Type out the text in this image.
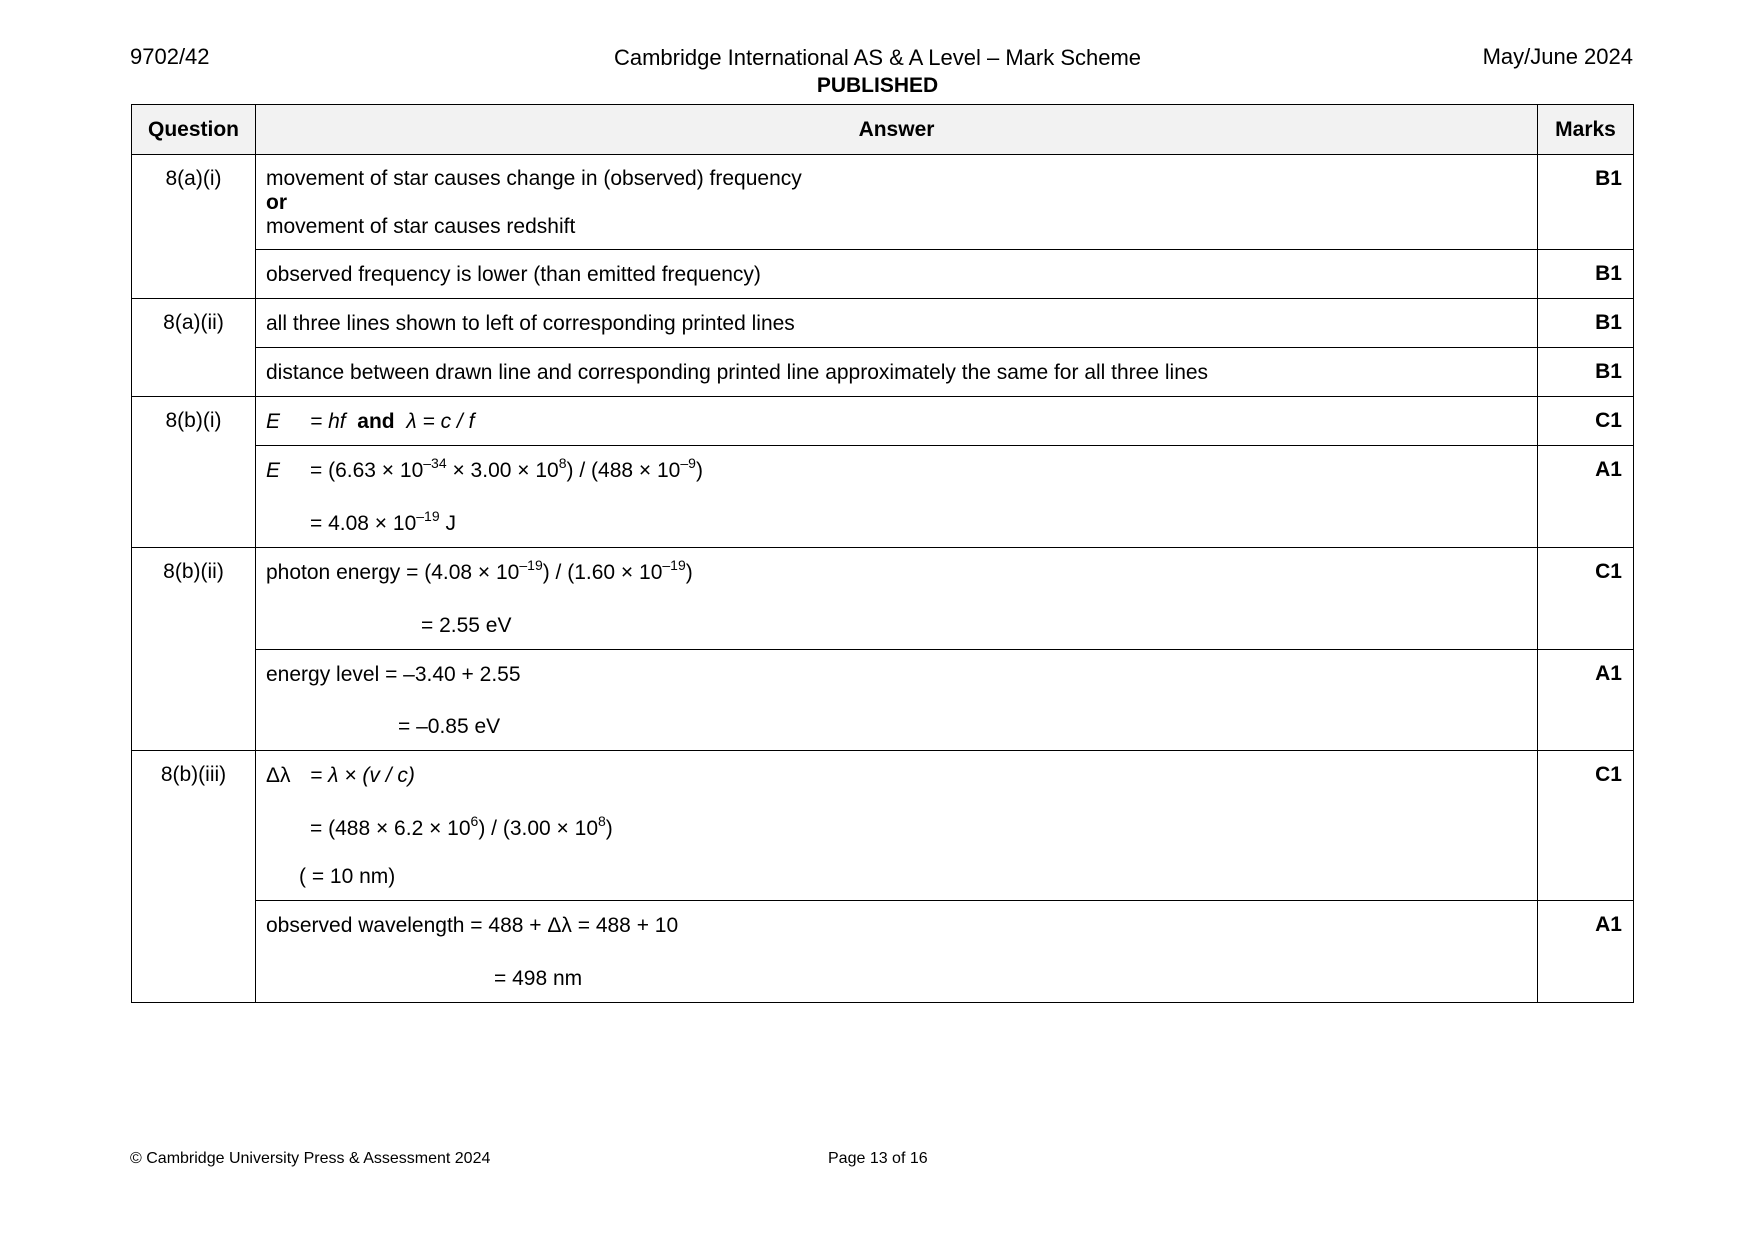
9702/42	Cambridge International AS & A Level – Mark Scheme
PUBLISHED
May/June 2024
Question	Answer	Marks
8(a)(i)	movement of star causes change in (observed) frequency
or
movement of star causes redshift	B1

	observed frequency is lower (than emitted frequency)	B1
8(a)(ii)	all three lines shown to left of corresponding printed lines	B1

	distance between drawn line and corresponding printed line approximately the same for all three lines	B1
8(b)(i)	E = hf and λ = c / f	C1

	$E = (6.63 \times 10^{-34} \times 3.00 \times 10^8) / (488 \times 10^{-9})$
= $4.08 \times 10^{-19}$ J	A1
8(b)(ii)	photon energy = $(4.08 \times 10^{-19}) / (1.60 \times 10^{-19})$
= 2.55 eV	C1

	energy level = –3.40 + 2.55
= –0.85 eV	A1
8(b)(iii)	Δλ = λ × (v / c)
= $(488 \times 6.2 \times 10^6) / (3.00 \times 10^8)$
( = 10 nm)	C1

	observed wavelength = 488 + Δλ = 488 + 10
= 498 nm	A1
© Cambridge University Press & Assessment 2024	Page 13 of 16
